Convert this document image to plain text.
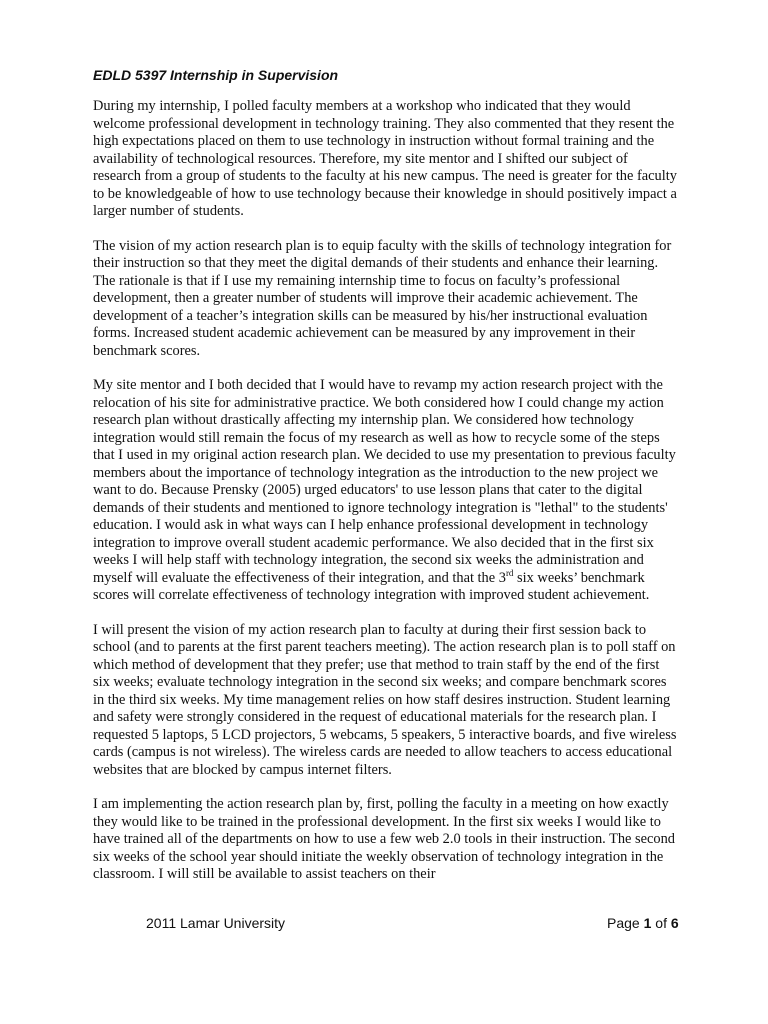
EDLD 5397 Internship in Supervision

During my internship, I polled faculty members at a workshop who indicated that they would welcome professional development in technology training. They also commented that they resent the high expectations placed on them to use technology in instruction without formal training and the availability of technological resources. Therefore, my site mentor and I shifted our subject of research from a group of students to the faculty at his new campus. The need is greater for the faculty to be knowledgeable of how to use technology because their knowledge in should positively impact a larger number of students.

The vision of my action research plan is to equip faculty with the skills of technology integration for their instruction so that they meet the digital demands of their students and enhance their learning. The rationale is that if I use my remaining internship time to focus on faculty’s professional development, then a greater number of students will improve their academic achievement. The development of a teacher’s integration skills can be measured by his/her instructional evaluation forms. Increased student academic achievement can be measured by any improvement in their benchmark scores.

My site mentor and I both decided that I would have to revamp my action research project with the relocation of his site for administrative practice. We both considered how I could change my action research plan without drastically affecting my internship plan. We considered how technology integration would still remain the focus of my research as well as how to recycle some of the steps that I used in my original action research plan. We decided to use my presentation to previous faculty members about the importance of technology integration as the introduction to the new project we want to do. Because Prensky (2005) urged educators' to use lesson plans that cater to the digital demands of their students and mentioned to ignore technology integration is "lethal" to the students' education. I would ask in what ways can I help enhance professional development in technology integration to improve overall student academic performance. We also decided that in the first six weeks I will help staff with technology integration, the second six weeks the administration and myself will evaluate the effectiveness of their integration, and that the 3rd six weeks’ benchmark scores will correlate effectiveness of technology integration with improved student achievement.

I will present the vision of my action research plan to faculty at during their first session back to school (and to parents at the first parent teachers meeting). The action research plan is to poll staff on which method of development that they prefer; use that method to train staff by the end of the first six weeks; evaluate technology integration in the second six weeks; and compare benchmark scores in the third six weeks. My time management relies on how staff desires instruction. Student learning and safety were strongly considered in the request of educational materials for the research plan. I requested 5 laptops, 5 LCD projectors, 5 webcams, 5 speakers, 5 interactive boards, and five wireless cards (campus is not wireless). The wireless cards are needed to allow teachers to access educational websites that are blocked by campus internet filters.

I am implementing the action research plan by, first, polling the faculty in a meeting on how exactly they would like to be trained in the professional development. In the first six weeks I would like to have trained all of the departments on how to use a few web 2.0 tools in their instruction. The second six weeks of the school year should initiate the weekly observation of technology integration in the classroom. I will still be available to assist teachers on their

2011 Lamar University	Page 1 of 6
